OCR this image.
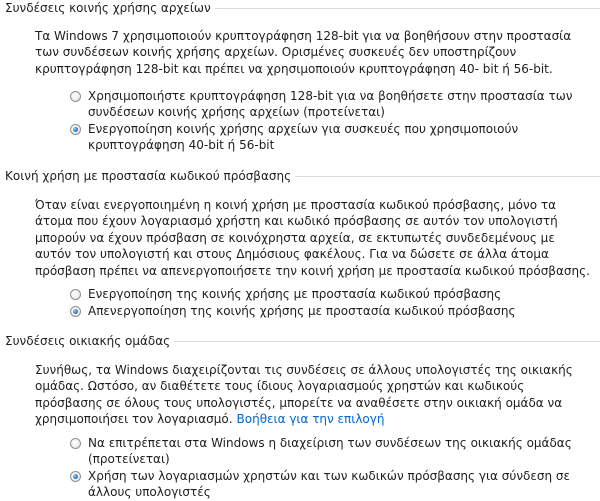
Συνδέσεις κοινής χρήσης αρχείων

Τα Windows 7 χρησιμοποιούν κρυπτογράφηση 128-bit για να βοηθήσουν στην προστασία των συνδέσεων κοινής χρήσης αρχείων. Ορισμένες συσκευές δεν υποστηρίζουν κρυπτογράφηση 128-bit και πρέπει να χρησιμοποιούν κρυπτογράφηση 40- bit ή 56-bit.

Χρησιμοποιήστε κρυπτογράφηση 128-bit για να βοηθήσετε στην προστασία των συνδέσεων κοινής χρήσης αρχείων (προτείνεται)
Ενεργοποίηση κοινής χρήσης αρχείων για συσκευές που χρησιμοποιούν κρυπτογράφηση 40-bit ή 56-bit
Κοινή χρήση με προστασία κωδικού πρόσβασης

Όταν είναι ενεργοποιημένη η κοινή χρήση με προστασία κωδικού πρόσβασης, μόνο τα άτομα που έχουν λογαριασμό χρήστη και κωδικό πρόσβασης σε αυτόν τον υπολογιστή μπορούν να έχουν πρόσβαση σε κοινόχρηστα αρχεία, σε εκτυπωτές συνδεδεμένους με αυτόν τον υπολογιστή και στους Δημόσιους φακέλους. Για να δώσετε σε άλλα άτομα πρόσβαση πρέπει να απενεργοποιήσετε την κοινή χρήση με προστασία κωδικού πρόσβασης.

Ενεργοποίηση της κοινής χρήσης με προστασία κωδικού πρόσβασης
Απενεργοποίηση της κοινής χρήσης με προστασία κωδικού πρόσβασης
Συνδέσεις οικιακής ομάδας

Συνήθως, τα Windows διαχειρίζονται τις συνδέσεις σε άλλους υπολογιστές της οικιακής ομάδας. Ωστόσο, αν διαθέτετε τους ίδιους λογαριασμούς χρηστών και κωδικούς πρόσβασης σε όλους τους υπολογιστές, μπορείτε να αναθέσετε στην οικιακή ομάδα να χρησιμοποιήσει τον λογαριασμό. Βοήθεια για την επιλογή

Να επιτρέπεται στα Windows η διαχείριση των συνδέσεων της οικιακής ομάδας (προτείνεται)
Χρήση των λογαριασμών χρηστών και των κωδικών πρόσβασης για σύνδεση σε άλλους υπολογιστές
